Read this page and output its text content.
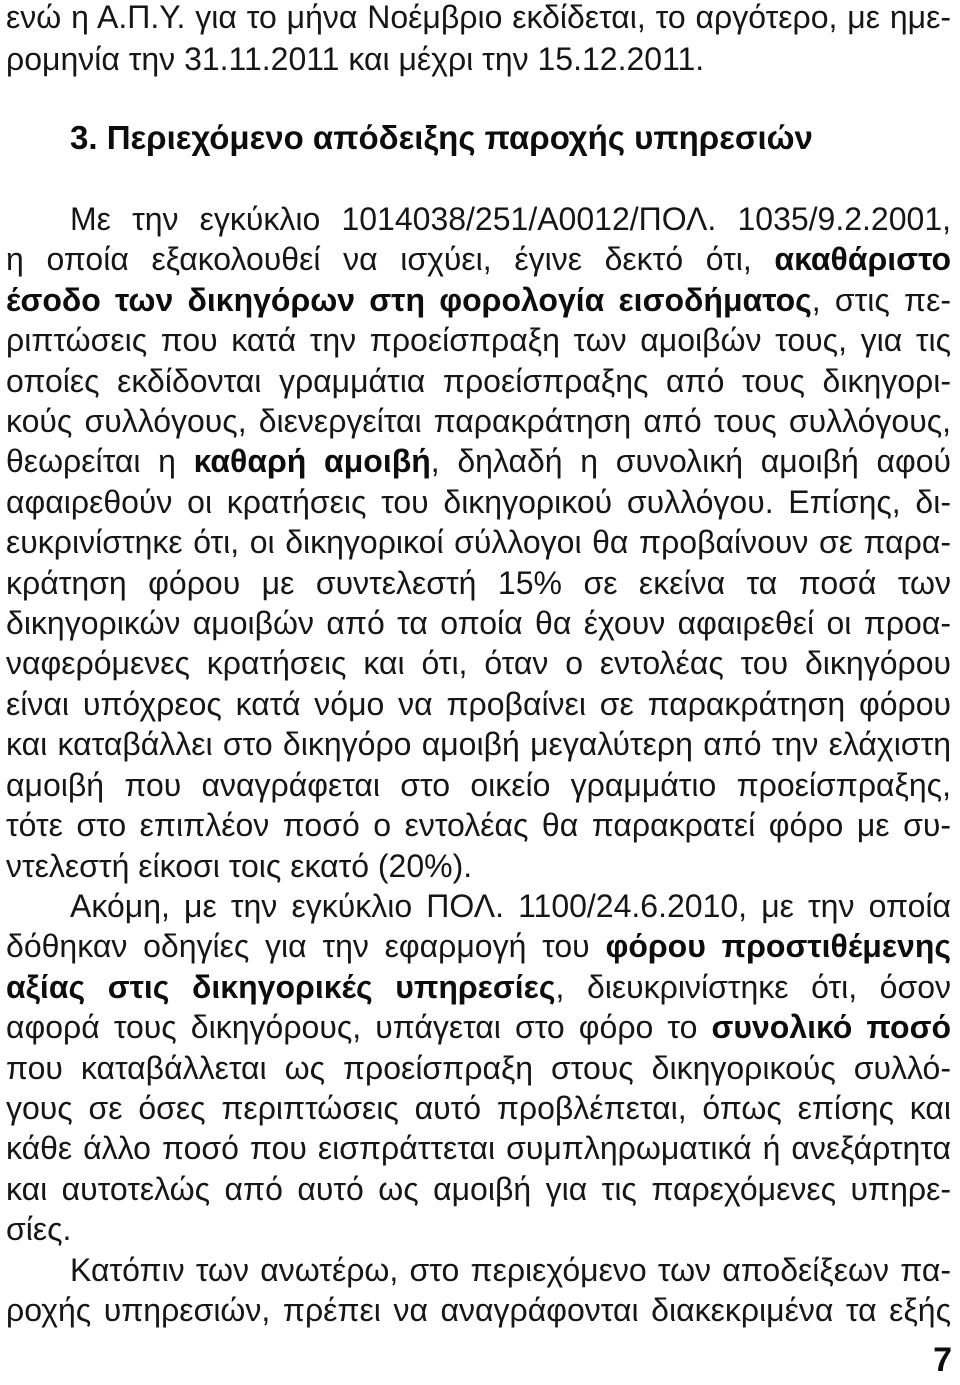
ενώ η Α.Π.Υ. για το μήνα Νοέμβριο εκδίδεται, το αργότερο, με ημε-
ρομηνία την 31.11.2011 και μέχρι την 15.12.2011.
3. Περιεχόμενο απόδειξης παροχής υπηρεσιών
Με την εγκύκλιο 1014038/251/Α0012/ΠΟΛ. 1035/9.2.2001,
η οποία εξακολουθεί να ισχύει, έγινε δεκτό ότι, ακαθάριστο
έσοδο των δικηγόρων στη φορολογία εισοδήματος, στις πε-
ριπτώσεις που κατά την προείσπραξη των αμοιβών τους, για τις
οποίες εκδίδονται γραμμάτια προείσπραξης από τους δικηγορι-
κούς συλλόγους, διενεργείται παρακράτηση από τους συλλόγους,
θεωρείται η καθαρή αμοιβή, δηλαδή η συνολική αμοιβή αφού
αφαιρεθούν οι κρατήσεις του δικηγορικού συλλόγου. Επίσης, δι-
ευκρινίστηκε ότι, οι δικηγορικοί σύλλογοι θα προβαίνουν σε παρα-
κράτηση φόρου με συντελεστή 15% σε εκείνα τα ποσά των
δικηγορικών αμοιβών από τα οποία θα έχουν αφαιρεθεί οι προα-
ναφερόμενες κρατήσεις και ότι, όταν ο εντολέας του δικηγόρου
είναι υπόχρεος κατά νόμο να προβαίνει σε παρακράτηση φόρου
και καταβάλλει στο δικηγόρο αμοιβή μεγαλύτερη από την ελάχιστη
αμοιβή που αναγράφεται στο οικείο γραμμάτιο προείσπραξης,
τότε στο επιπλέον ποσό ο εντολέας θα παρακρατεί φόρο με συ-
ντελεστή είκοσι τοις εκατό (20%).
Ακόμη, με την εγκύκλιο ΠΟΛ. 1100/24.6.2010, με την οποία
δόθηκαν οδηγίες για την εφαρμογή του φόρου προστιθέμενης
αξίας στις δικηγορικές υπηρεσίες, διευκρινίστηκε ότι, όσον
αφορά τους δικηγόρους, υπάγεται στο φόρο το συνολικό ποσό
που καταβάλλεται ως προείσπραξη στους δικηγορικούς συλλό-
γους σε όσες περιπτώσεις αυτό προβλέπεται, όπως επίσης και
κάθε άλλο ποσό που εισπράττεται συμπληρωματικά ή ανεξάρτητα
και αυτοτελώς από αυτό ως αμοιβή για τις παρεχόμενες υπηρε-
σίες.
Κατόπιν των ανωτέρω, στο περιεχόμενο των αποδείξεων πα-
ροχής υπηρεσιών, πρέπει να αναγράφονται διακεκριμένα τα εξής
7
